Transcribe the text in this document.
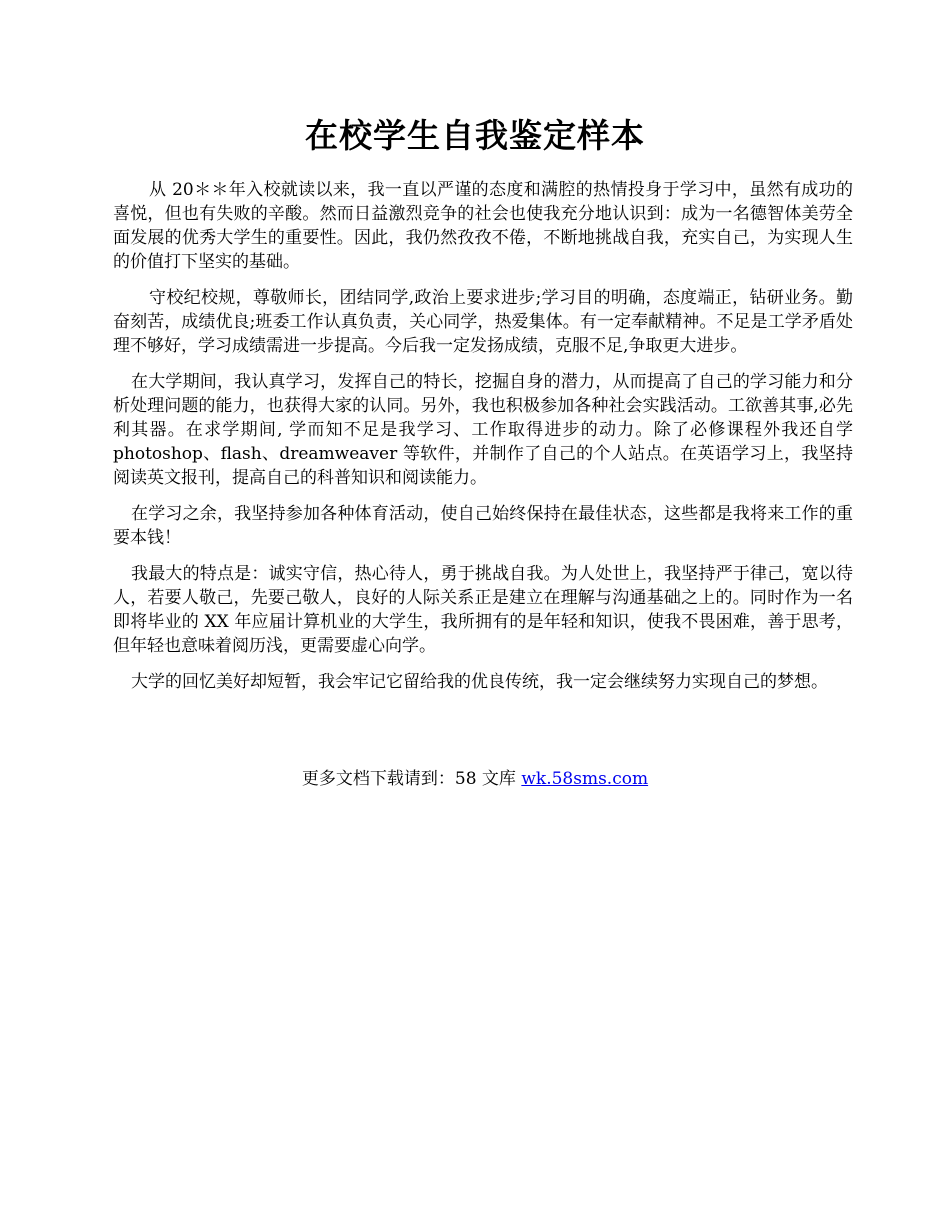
在校学生自我鉴定样本

从 20＊＊年入校就读以来，我一直以严谨的态度和满腔的热情投身于学习中，虽然有成功的喜悦，但也有失败的辛酸。然而日益激烈竞争的社会也使我充分地认识到：成为一名德智体美劳全面发展的优秀大学生的重要性。因此，我仍然孜孜不倦，不断地挑战自我，充实自己，为实现人生的价值打下坚实的基础。

守校纪校规，尊敬师长，团结同学,政治上要求进步;学习目的明确，态度端正，钻研业务。勤奋刻苦，成绩优良;班委工作认真负责，关心同学，热爱集体。有一定奉献精神。不足是工学矛盾处理不够好，学习成绩需进一步提高。今后我一定发扬成绩，克服不足,争取更大进步。

在大学期间，我认真学习，发挥自己的特长，挖掘自身的潜力，从而提高了自己的学习能力和分析处理问题的能力，也获得大家的认同。另外，我也积极参加各种社会实践活动。工欲善其事,必先利其器。在求学期间, 学而知不足是我学习、工作取得进步的动力。除了必修课程外我还自学 photoshop、flash、dreamweaver 等软件，并制作了自己的个人站点。在英语学习上，我坚持阅读英文报刊，提高自己的科普知识和阅读能力。

在学习之余，我坚持参加各种体育活动，使自己始终保持在最佳状态，这些都是我将来工作的重要本钱！

我最大的特点是：诚实守信，热心待人，勇于挑战自我。为人处世上，我坚持严于律己，宽以待人，若要人敬己，先要己敬人，良好的人际关系正是建立在理解与沟通基础之上的。同时作为一名即将毕业的 XX 年应届计算机业的大学生，我所拥有的是年轻和知识，使我不畏困难，善于思考，但年轻也意味着阅历浅，更需要虚心向学。

大学的回忆美好却短暂，我会牢记它留给我的优良传统，我一定会继续努力实现自己的梦想。

更多文档下载请到：58 文库 wk.58sms.com
